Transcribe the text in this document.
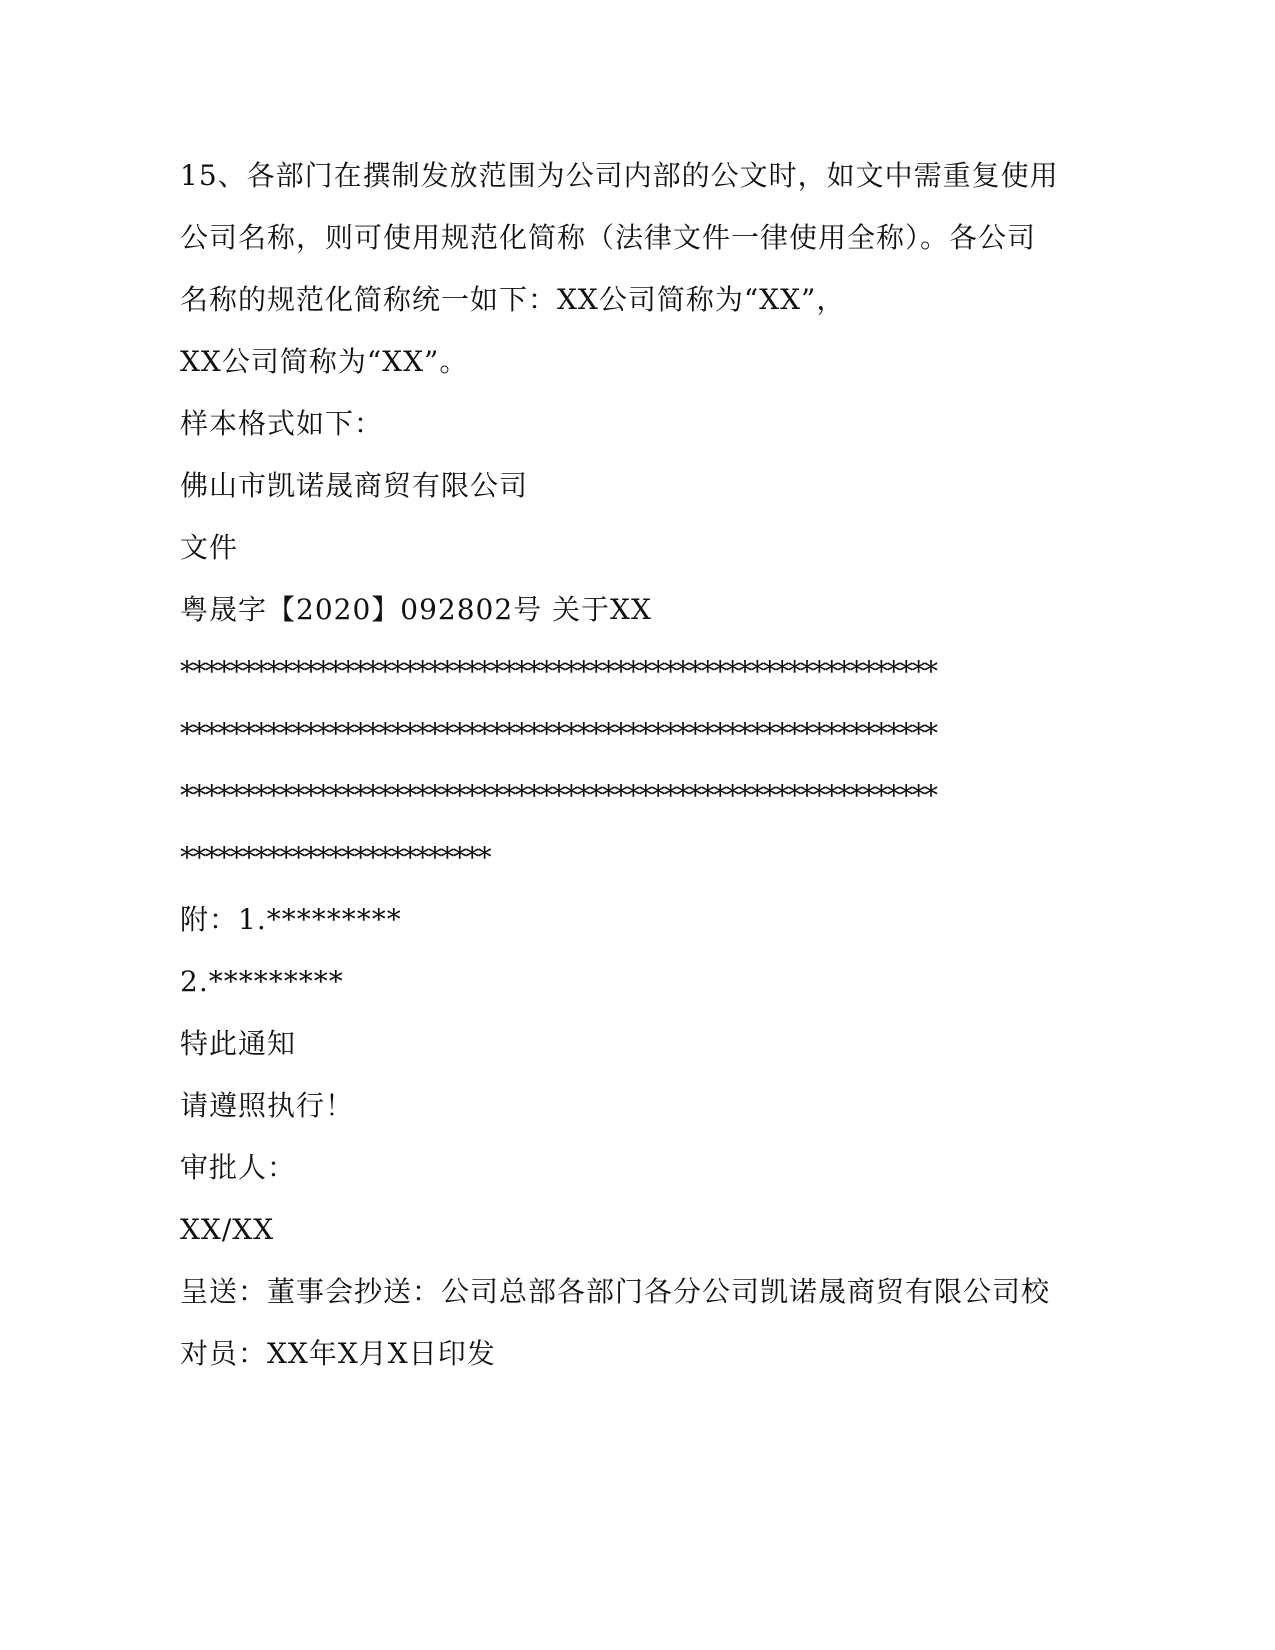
15、各部门在撰制发放范围为公司内部的公文时，如文中需重复使用
公司名称，则可使用规范化简称（法律文件一律使用全称）。各公司
名称的规范化简称统一如下：XX公司简称为“XX”，
XX公司简称为“XX”。
样本格式如下：
佛山市凯诺晟商贸有限公司
文件
粤晟字【2020】092802号 关于XX
*************************************************************
*************************************************************
*************************************************************
*************************
附：1.*********
2.*********
特此通知
请遵照执行！
审批人：
XX/XX
呈送：董事会抄送：公司总部各部门各分公司凯诺晟商贸有限公司校
对员：XX年X月X日印发
